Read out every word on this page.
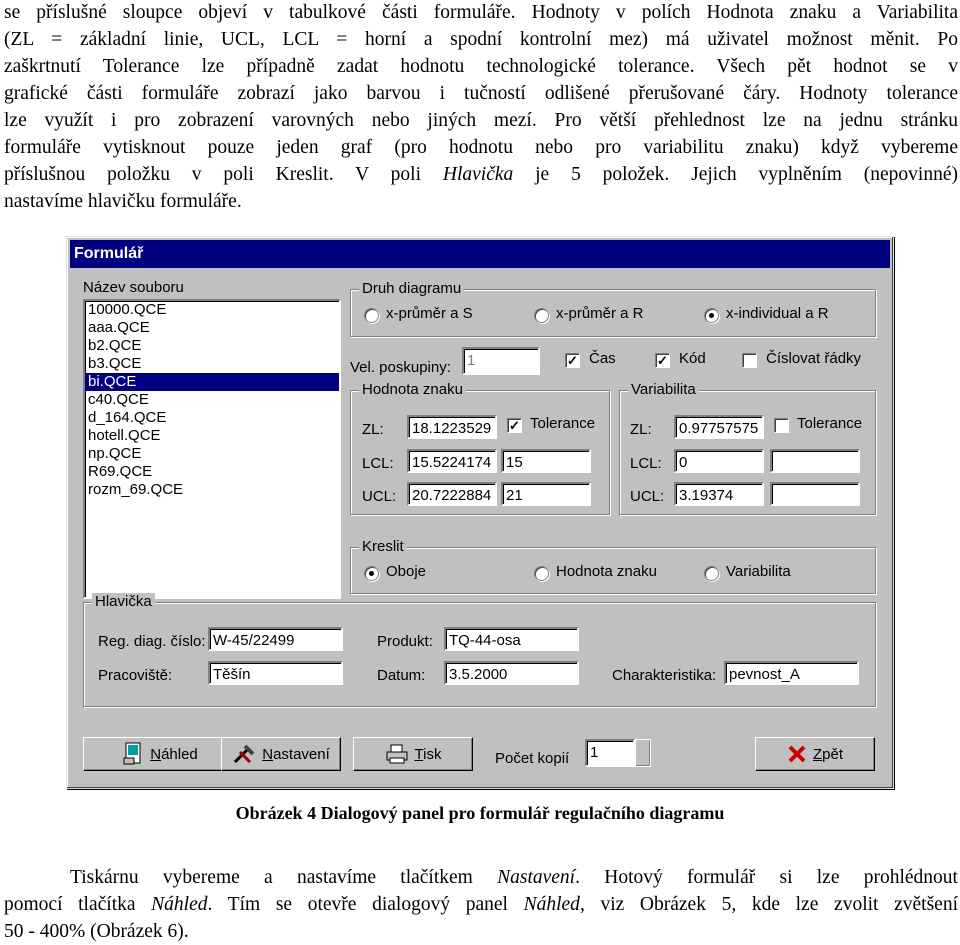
se příslušné sloupce objeví v tabulkové části formuláře. Hodnoty v polích Hodnota znaku a Variabilita
(ZL = základní linie, UCL, LCL = horní a spodní kontrolní mez) má uživatel možnost měnit. Po
zaškrtnutí Tolerance lze případně zadat hodnotu technologické tolerance. Všech pět hodnot se v
grafické části formuláře zobrazí jako barvou i tučností odlišené přerušované čáry. Hodnoty tolerance
lze využít i pro zobrazení varovných nebo jiných mezí. Pro větší přehlednost lze na jednu stránku
formuláře vytisknout pouze jeden graf (pro hodnotu nebo pro variabilitu znaku) když vybereme
příslušnou položku v poli Kreslit. V poli Hlavička je 5 položek. Jejich vyplněním (nepovinné)
nastavíme hlavičku formuláře.
Formulář
Název souboru
10000.QCE
aaa.QCE
b2.QCE
b3.QCE
bi.QCE
c40.QCE
d_164.QCE
hotell.QCE
np.QCE
R69.QCE
rozm_69.QCE
Druh diagramu
x-průměr a S	x-průměr a R	x-individual a R
Vel. poskupiny:	1	✓ Čas	✓ Kód	Číslovat řádky
Hodnota znaku
ZL:	18.1223529	✓ Tolerance
LCL:	15.5224174 15
UCL:	20.7222884 21
Variabilita
ZL:	0.97757575	Tolerance
LCL:	0
UCL: 3.19374
Kreslit
Oboje	Hodnota znaku	Variabilita
Hlavička
Reg. diag. číslo: W-45/22499
Pracoviště:	Těšín
Produkt:	TQ-44-osa
Datum:	3.5.2000	Charakteristika: pevnost_A
Náhled	Nastavení	Tisk	Počet kopií	1	Zpět
Obrázek 4 Dialogový panel pro formulář regulačního diagramu
Tiskárnu vybereme a nastavíme tlačítkem Nastavení. Hotový formulář si lze prohlédnout
pomocí tlačítka Náhled. Tím se otevře dialogový panel Náhled, viz Obrázek 5, kde lze zvolit zvětšení
50 - 400% (Obrázek 6).
